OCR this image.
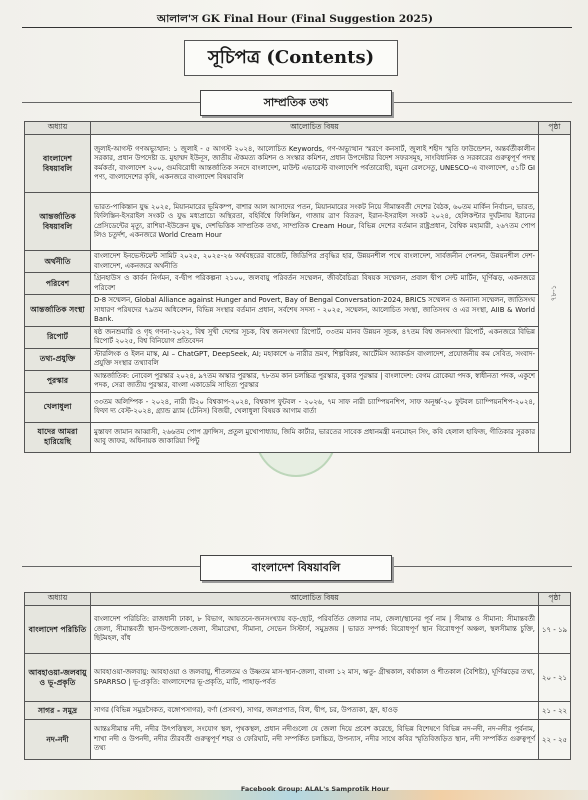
আলাল'স GK Final Hour (Final Suggestion 2025)
সূচিপত্র (Contents)
সাম্প্রতিক তথ্য
অধ্যায়	আলোচিত বিষয়	পৃষ্ঠা
বাংলাদেশ বিষয়াবলি	জুলাই-আগস্ট গণঅভ্যুত্থান: ১ জুলাই - ৫ আগস্ট ২০২৪, আলোচিত Keywords, গণ-অভ্যুত্থান স্মরণে কনসার্ট, জুলাই শহীদ স্মৃতি ফাউন্ডেশন, অন্তর্বর্তীকালীন সরকার, প্রধান উপদেষ্টা ড. মুহাম্মদ ইউনূস, জাতীয় ঐকমত্য কমিশন ও সংস্কার কমিশন, প্রধান উপদেষ্টার বিদেশ সফরসমূহ, সাংবিধানিক ও সরকারের গুরুত্বপূর্ণ পদস্থ কর্মকর্তা, বাংলাদেশ ২০০, গুমবিরোধী আন্তর্জাতিক সনদে বাংলাদেশ, মাউন্ট এভারেস্ট বাংলাদেশি পর্বতারোহী, যমুনা রেলসেতু, UNESCO-এ বাংলাদেশ, ৫১টি GI পণ্য, বাংলাদেশের কৃষি, একনজরে বাংলাদেশ বিষয়াবলি	৭৮-১
আন্তর্জাতিক বিষয়াবলি	ভারত-পাকিস্তান যুদ্ধ ২০২৫, মিয়ানমারের ভূমিকম্প, বাশার আল আসাদের পতন, মিয়ানমারের সংকট নিয়ে সীমান্তবর্তী দেশের বৈঠক, ৬০তম মার্কিন নির্বাচন, ভারত, ফিলিস্তিন-ইসরাইল সংকট ও যুদ্ধ মধ্যপ্রাচ্যে অস্থিরতা, বহির্বিশ্বে ফিলিস্তিন, গাজায় ত্রাণ বিতরণ, ইরান-ইসরাইল সংকট ২০২৪, হেলিকপ্টার দুর্ঘটনায় ইরানের প্রেসিডেন্টের মৃত্যু, রাশিয়া-ইউক্রেন যুদ্ধ, দেশভিত্তিক সাম্প্রতিক তথ্য, সাম্প্রতিক Cream Hour, বিভিন্ন দেশের বর্তমান রাষ্ট্রপ্রধান, বৈশ্বিক মহামারী, ২৬৭তম পোপ লিও চতুর্দশ, একনজরে World Cream Hour	
অর্থনীতি	বাংলাদেশ ইনভেস্টমেন্ট সামিট ২০২৫, ২০২৫-২৬ অর্থবছরের বাজেট, জিডিপির প্রবৃদ্ধির হার, উন্নয়নশীল পথে বাংলাদেশ, সার্বজনীন পেনশন, উন্নয়নশীল দেশ-বাংলাদেশ, একনজরে অর্থনীতি	
পরিবেশ	গ্রিনহাউস ও কার্বন নির্গমন, ব-দ্বীপ পরিকল্পনা ২১০০, জলবায়ু পরিবর্তন সম্মেলন, জীববৈচিত্র্য বিষয়ক সম্মেলন, প্রবাল দ্বীপ সেন্ট মার্টিন, ঘূর্ণিঝড়, একনজরে পরিবেশ	
আন্তর্জাতিক সংস্থা	D-8 সম্মেলন, Global Alliance against Hunger and Povert, Bay of Bengal Conversation-2024, BRICS সম্মেলন ও অন্যান্য সম্মেলন, জাতিসংঘ সাধারণ পরিষদের ৭৯তম অধিবেশন, বিভিন্ন সংস্থার বর্তমান প্রধান, সর্বশেষ সদস্য - ২০২৫, সম্মেলন, আলোচিত সংস্থা, জাতিসংঘ ও এর সংস্থা, AIIB & World Bank.	
রিপোর্ট	ষষ্ঠ জনশুমারি ও গৃহ গণনা-২০২২, বিশ্ব সুখী দেশের সূচক, বিশ্ব জনসংখ্যা রিপোর্ট, ৩৩তম মানব উন্নয়ন সূচক, ৪৭তম বিশ্ব জনসংখ্যা রিপোর্ট, একনজরে বিভিন্ন রিপোর্ট ২০২৫, বিশ্ব বিনিয়োগ প্রতিবেদন	
তথ্য-প্রযুক্তি	স্টারলিংক ও ইলন মাস্ক, AI – ChatGPT, DeepSeek, AI; মহাকাশে ৬ নারীর ভ্রমণ, শিল্পবিপ্লব, আর্টেমিস অ্যাকর্ডস বাংলাদেশ, প্রযোজনীয় কম সেবিত, সংবাদ-প্রযুক্তি সংস্থার তথ্যাবলি	
পুরস্কার	আন্তর্জাতিক: নোবেল পুরস্কার ২০২৪, ৯৭তম অস্কার পুরস্কার, ৭৮তম কান চলচ্চিত্র পুরস্কার, বুকার পুরস্কার | বাংলাদেশ: বেগম রোকেয়া পদক, স্বাধীনতা পদক, একুশে পদক, সেরা জাতীয় পুরস্কার, বাংলা একাডেমি সাহিত্য পুরস্কার	
খেলাধুলা	৩৩তম অলিম্পিক - ২০২৪, নারী টি২০ বিশ্বকাপ-২০২৪, বিশ্বকাপ ফুটবল - ২০২৬, ৭ম সাফ নারী চ্যাম্পিয়নশিপ, সাফ অনূর্ধ্ব-২০ ফুটবল চ্যাম্পিয়নশিপ-২০২৪, ফিফা দ্য বেস্ট-২০২৪, গ্র্যান্ড স্ল্যাম (টেনিস) বিজয়ী, খেলাধুলা বিষয়ক আগাম বার্তা	
যাদের আমরা হারিয়েছি	মুস্তাফা জামান আব্বাসী, ২৬৬তম পোপ ফ্রান্সিস, প্রতুল মুখোপাধ্যায়, জিমি কার্টার, ভারতের সাবেক প্রধানমন্ত্রী মনমোহন সিং, কবি হেলাল হাফিজ, গীতিকার সুরকার আবু জাফর, অধিনায়ক জাকারিয়া পিন্টু	
বাংলাদেশ বিষয়াবলি
অধ্যায়	আলোচিত বিষয়	পৃষ্ঠা
বাংলাদেশ পরিচিতি	বাংলাদেশ পরিচিতি: রাজধানী ঢাকা, ৮ বিভাগ, আয়তনে-জনসংখ্যায় বড়-ছোট, পরিবর্তিত জেলার নাম, জেলা/স্থানের পূর্ব নাম | সীমান্ত ও সীমানা: সীমান্তবর্তী জেলা, সীমান্তবর্তী স্থান-উপজেলা-জেলা, সীমারেখা, সীমানা, সেভেন সিস্টার্স, সমুদ্রজয় | ভারত সম্পর্ক: বিরোধপূর্ণ স্থান বিরোধপূর্ণ অঞ্চল, স্থলসীমান্ত চুক্তি, ছিটমহল, বাঁধ	১৭ - ১৯
আবহাওয়া-জলবায়ু ও ভূ-প্রকৃতি	আবহাওয়া-জলবায়ু: আবহাওয়া ও জলবায়ু, শীতলতম ও উষ্ণতম মাস-স্থান-জেলা, বাংলা ১২ মাস, ঋতু- গ্রীষ্মকাল, বর্ষাকাল ও শীতকাল (বৈশিষ্ট্য), ঘূর্ণিঝড়ের তথ্য, SPARRSO | ভূ-প্রকৃতি: বাংলাদেশের ভূ-প্রকৃতি, মাটি, পাহাড়-পর্বত	২০ - ২১
সাগর - সমুদ্র	সাগর (বিভিন্ন সমুদ্রসৈকত, বঙ্গোপসাগর), বর্ণা (প্রসবণ), সাগর, জলপ্রপাত, বিল, দ্বীপ, চর, উপত্যকা, হ্রদ, হাওড়	২১ - ২২
নদ-নদী	আন্তঃসীমান্ত নদী, নদীর উৎপত্তিস্থল, সংযোগ স্থল, পৃথকস্থল, প্রধান নদীগুলো যে জেলা দিয়ে প্রবেশ করেছে, বিভিন্ন বিশেষণে বিভিন্ন নদ-নদী, নদ-নদীর পূর্বনাম, শাখা নদী ও উপনদী, নদীর তীরবর্তী গুরুত্বপূর্ণ শহর ও ফেরিঘাট, নদী সম্পর্কিত চলচ্চিত্র, উপন্যাস, নদীর সাথে কবির স্মৃতিবিজড়িত স্থান, নদী সম্পর্কিত গুরুত্বপূর্ণ তথ্য	২২ - ২৫
Facebook Group: ALAL's Samprotik Hour
